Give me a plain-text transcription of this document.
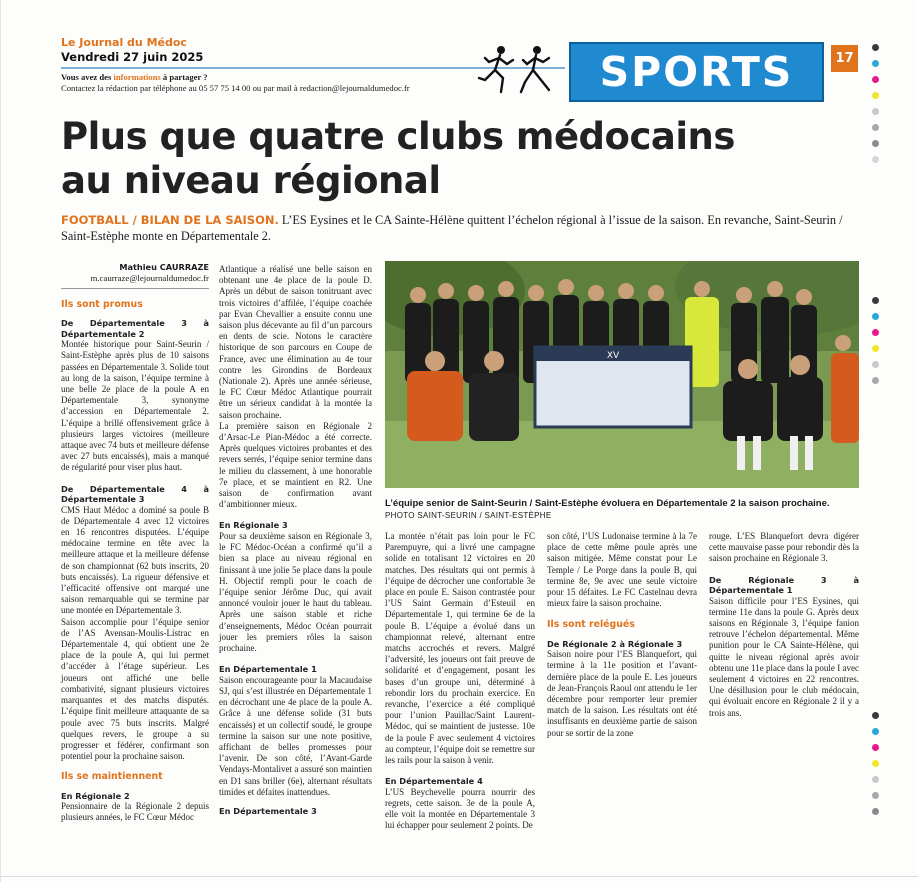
Le Journal du Médoc
Vendredi 27 juin 2025
Vous avez des informations à partager ?
Contactez la rédaction par téléphone au 05 57 75 14 00 ou par mail à redaction@lejournaldumedoc.fr	SPORTS	17
Plus que quatre clubs médocains au niveau régional
FOOTBALL / BILAN DE LA SAISON. L’ES Eysines et le CA Sainte-Hélène quittent l’échelon régional à l’issue de la saison. En revanche, Saint-Seurin / Saint-Estèphe monte en Départementale 2.
Mathieu CAURRAZE
m.caurraze@lejournaldumedoc.fr
Ils sont promus
De Départementale 3 à Départementale 2

Montée historique pour Saint-Seurin / Saint-Estèphe après plus de 10 saisons passées en Départementale 3. Solide tout au long de la saison, l’équipe termine à une belle 2e place de la poule A en Départementale 3, synonyme d’accession en Départementale 2. L’équipe a brillé offensivement grâce à plusieurs larges victoires (meilleure attaque avec 74 buts et meilleure défense avec 27 buts encaissés), mais a manqué de régularité pour viser plus haut.

De Départementale 4 à Départementale 3

CMS Haut Médoc a dominé sa poule B de Départementale 4 avec 12 victoires en 16 rencontres disputées. L’équipe médocaine termine en tête avec la meilleure attaque et la meilleure défense de son championnat (62 buts inscrits, 20 buts encaissés). La rigueur défensive et l’efficacité offensive ont marqué une saison remarquable qui se termine par une montée en Départementale 3.

Saison accomplie pour l’équipe senior de l’AS Avensan-Moulis-Listrac en Départementale 4, qui obtient une 2e place de la poule A, qui lui permet d’accéder à l’étage supérieur. Les joueurs ont affiché une belle combativité, signant plusieurs victoires marquantes et des matchs disputés. L’équipe finit meilleure attaquante de sa poule avec 75 buts inscrits. Malgré quelques revers, le groupe a su progresser et fédérer, confirmant son potentiel pour la prochaine saison.

Ils se maintiennent
En Régionale 2

Pensionnaire de la Régionale 2 depuis plusieurs années, le FC Cœur Médoc

Atlantique a réalisé une belle saison en obtenant une 4e place de la poule D. Après un début de saison tonitruant avec trois victoires d’affilée, l’équipe coachée par Evan Chevallier a ensuite connu une saison plus décevante au fil d’un parcours en dents de scie. Notons le caractère historique de son parcours en Coupe de France, avec une élimination au 4e tour contre les Girondins de Bordeaux (Nationale 2). Après une année sérieuse, le FC Cœur Médoc Atlantique pourrait être un sérieux candidat à la montée la saison prochaine.

La première saison en Régionale 2 d’Arsac-Le Pian-Médoc a été correcte. Après quelques victoires probantes et des revers serrés, l’équipe senior termine dans le milieu du classement, à une honorable 7e place, et se maintient en R2. Une saison de confirmation avant d’ambitionner mieux.

En Régionale 3

Pour sa deuxième saison en Régionale 3, le FC Médoc-Océan a confirmé qu’il a bien sa place au niveau régional en finissant à une jolie 5e place dans la poule H. Objectif rempli pour le coach de l’équipe senior Jérôme Duc, qui avait annoncé vouloir jouer le haut du tableau. Après une saison stable et riche d’enseignements, Médoc Océan pourrait jouer les premiers rôles la saison prochaine.

En Départementale 1

Saison encourageante pour la Macaudaise SJ, qui s’est illustrée en Départementale 1 en décrochant une 4e place de la poule A. Grâce à une défense solide (31 buts encaissés) et un collectif soudé, le groupe termine la saison sur une note positive, affichant de belles promesses pour l’avenir. De son côté, l’Avant-Garde Vendays-Montalivet a assuré son maintien en D1 sans briller (6e), alternant résultats timides et défaites inattendues.

En Départementale 3
XV
L’équipe senior de Saint-Seurin / Saint-Estèphe évoluera en Départementale 2 la saison prochaine.
PHOTO SAINT-SEURIN / SAINT-ESTÈPHE

La montée n’était pas loin pour le FC Parempuyre, qui a livré une campagne solide en totalisant 12 victoires en 20 matches. Des résultats qui ont permis à l’équipe de décrocher une confortable 3e place en poule E. Saison contrastée pour l’US Saint Germain d’Esteuil en Départementale 1, qui termine 6e de la poule B. L’équipe a évolué dans un championnat relevé, alternant entre matchs accrochés et revers. Malgré l’adversité, les joueurs ont fait preuve de solidarité et d’engagement, posant les bases d’un groupe uni, déterminé à rebondir lors du prochain exercice. En revanche, l’exercice a été compliqué pour l’union Pauillac/Saint Laurent-Médoc, qui se maintient de justesse. 10e de la poule F avec seulement 4 victoires au compteur, l’équipe doit se remettre sur les rails pour la saison à venir.

En Départementale 4

L’US Beychevelle pourra nourrir des regrets, cette saison. 3e de la poule A, elle voit la montée en Départementale 3 lui échapper pour seulement 2 points. De

son côté, l’US Ludonaise termine à la 7e place de cette même poule après une saison mitigée. Même constat pour Le Temple / Le Porge dans la poule B, qui termine 8e, 9e avec une seule victoire pour 15 défaites. Le FC Castelnau devra mieux faire la saison prochaine.

Ils sont relégués
De Régionale 2 à Régionale 3

Saison noire pour l’ES Blanquefort, qui termine à la 11e position et l’avant-dernière place de la poule E. Les joueurs de Jean-François Raoul ont attendu le 1er décembre pour remporter leur premier match de la saison. Les résultats ont été insuffisants en deuxième partie de saison pour se sortir de la zone

rouge. L’ES Blanquefort devra digérer cette mauvaise passe pour rebondir dès la saison prochaine en Régionale 3.

De Régionale 3 à Départementale 1

Saison difficile pour l’ES Eysines, qui termine 11e dans la poule G. Après deux saisons en Régionale 3, l’équipe fanion retrouve l’échelon départemental. Même punition pour le CA Sainte-Hélène, qui quitte le niveau régional après avoir obtenu une 11e place dans la poule I avec seulement 4 victoires en 22 rencontres. Une désillusion pour le club médocain, qui évoluait encore en Régionale 2 il y a trois ans.
